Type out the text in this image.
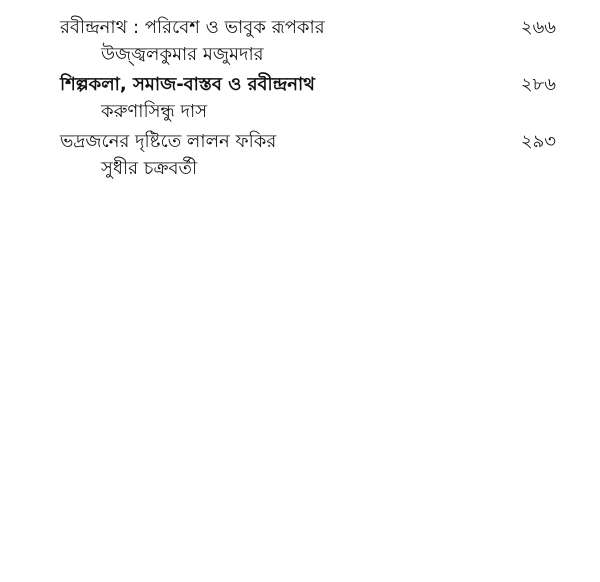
রবীন্দ্রনাথ : পরিবেশ ও ভাবুক রূপকার	২৬৬
উজ্জ্বলকুমার মজুমদার
শিল্পকলা, সমাজ-বাস্তব ও রবীন্দ্রনাথ	২৮৬
করুণাসিন্ধু দাস
ভদ্রজনের দৃষ্টিতে লালন ফকির	২৯৩
সুধীর চক্রবর্তী
